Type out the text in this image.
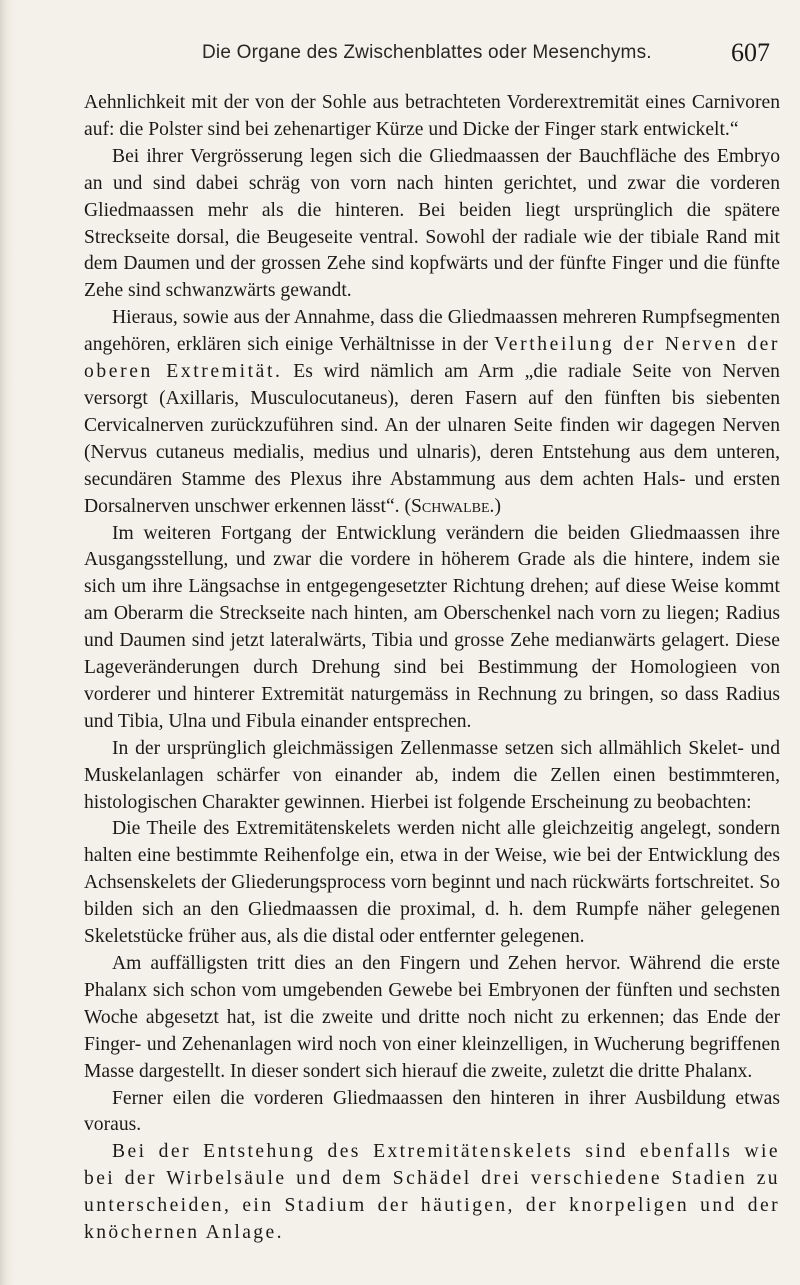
Die Organe des Zwischenblattes oder Mesenchyms.	607

Aehnlichkeit mit der von der Sohle aus betrachteten Vorderextremität eines Carnivoren auf: die Polster sind bei zehenartiger Kürze und Dicke der Finger stark entwickelt.“

Bei ihrer Vergrösserung legen sich die Gliedmaassen der Bauchfläche des Embryo an und sind dabei schräg von vorn nach hinten gerichtet, und zwar die vorderen Gliedmaassen mehr als die hinteren. Bei beiden liegt ursprünglich die spätere Streckseite dorsal, die Beugeseite ventral. Sowohl der radiale wie der tibiale Rand mit dem Daumen und der grossen Zehe sind kopfwärts und der fünfte Finger und die fünfte Zehe sind schwanzwärts gewandt.

Hieraus, sowie aus der Annahme, dass die Gliedmaassen mehreren Rumpfsegmenten angehören, erklären sich einige Verhältnisse in der Vertheilung der Nerven der oberen Extremität. Es wird nämlich am Arm „die radiale Seite von Nerven versorgt (Axillaris, Musculocutaneus), deren Fasern auf den fünften bis siebenten Cervicalnerven zurückzuführen sind. An der ulnaren Seite finden wir dagegen Nerven (Nervus cutaneus medialis, medius und ulnaris), deren Entstehung aus dem unteren, secundären Stamme des Plexus ihre Abstammung aus dem achten Hals- und ersten Dorsalnerven unschwer erkennen lässt“. (Schwalbe.)

Im weiteren Fortgang der Entwicklung verändern die beiden Gliedmaassen ihre Ausgangsstellung, und zwar die vordere in höherem Grade als die hintere, indem sie sich um ihre Längsachse in entgegengesetzter Richtung drehen; auf diese Weise kommt am Oberarm die Streckseite nach hinten, am Oberschenkel nach vorn zu liegen; Radius und Daumen sind jetzt lateralwärts, Tibia und grosse Zehe medianwärts gelagert. Diese Lageveränderungen durch Drehung sind bei Bestimmung der Homologieen von vorderer und hinterer Extremität naturgemäss in Rechnung zu bringen, so dass Radius und Tibia, Ulna und Fibula einander entsprechen.

In der ursprünglich gleichmässigen Zellenmasse setzen sich allmählich Skelet- und Muskelanlagen schärfer von einander ab, indem die Zellen einen bestimmteren, histologischen Charakter gewinnen. Hierbei ist folgende Erscheinung zu beobachten:

Die Theile des Extremitätenskelets werden nicht alle gleichzeitig angelegt, sondern halten eine bestimmte Reihenfolge ein, etwa in der Weise, wie bei der Entwicklung des Achsenskelets der Gliederungsprocess vorn beginnt und nach rückwärts fortschreitet. So bilden sich an den Gliedmaassen die proximal, d. h. dem Rumpfe näher gelegenen Skeletstücke früher aus, als die distal oder entfernter gelegenen.

Am auffälligsten tritt dies an den Fingern und Zehen hervor. Während die erste Phalanx sich schon vom umgebenden Gewebe bei Embryonen der fünften und sechsten Woche abgesetzt hat, ist die zweite und dritte noch nicht zu erkennen; das Ende der Finger- und Zehenanlagen wird noch von einer kleinzelligen, in Wucherung begriffenen Masse dargestellt. In dieser sondert sich hierauf die zweite, zuletzt die dritte Phalanx.

Ferner eilen die vorderen Gliedmaassen den hinteren in ihrer Ausbildung etwas voraus.

Bei der Entstehung des Extremitätenskelets sind ebenfalls wie bei der Wirbelsäule und dem Schädel drei verschiedene Stadien zu unterscheiden, ein Stadium der häutigen, der knorpeligen und der knöchernen Anlage.
